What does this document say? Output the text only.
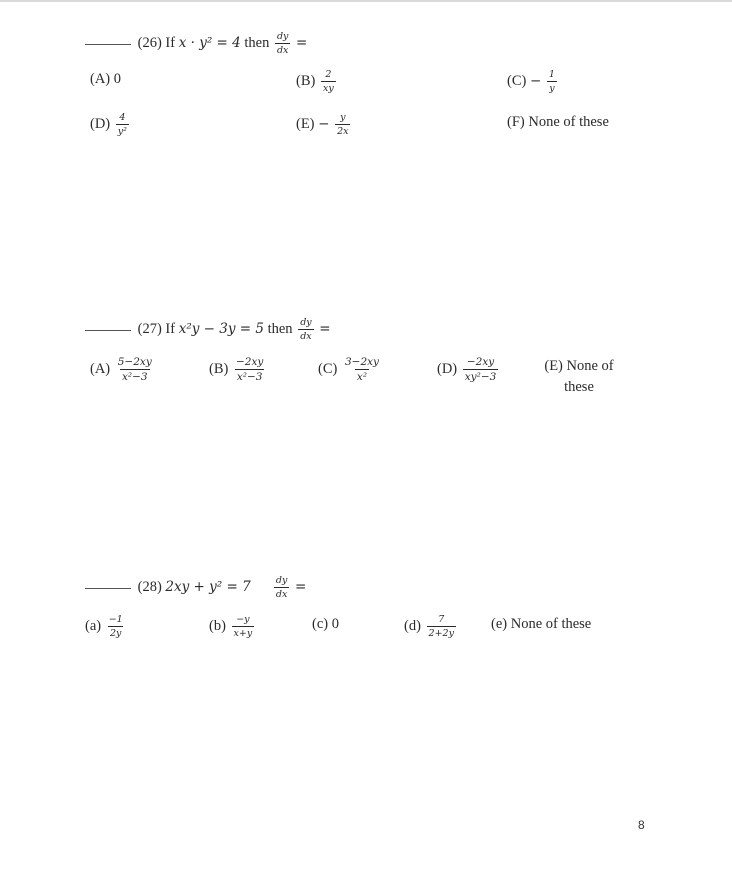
(26) If x · y² = 4 then $\frac{dy}{dx}$ =
(A) 0	$(B) \frac{2}{xy}$	$(C) - \frac{1}{y}$
$(D) \frac{4}{\text{y²}}$	$(E) - \frac{y}{2x}$	(F) None of these
(27) If x²y − 3y = 5 then $\frac{dy}{dx}$ =
$(A) \frac{5-2xy}{\text{x²−3}}$	$(B) \frac{-2xy}{\text{x²−3}}$	$(C) \frac{3-2xy}{\text{x²}}$	$(D) \frac{-2xy}{\text{xy²−3}}$	(E) None of
these
(28) $2xy + y^2 = 7 \frac{dy}{dx}$ =
$(a) \frac{-1}{2y}$	$(b) \frac{-y}{x+y}$	(c) 0	$(d) \frac{7}{2+2y} (e)$ None of these
8
